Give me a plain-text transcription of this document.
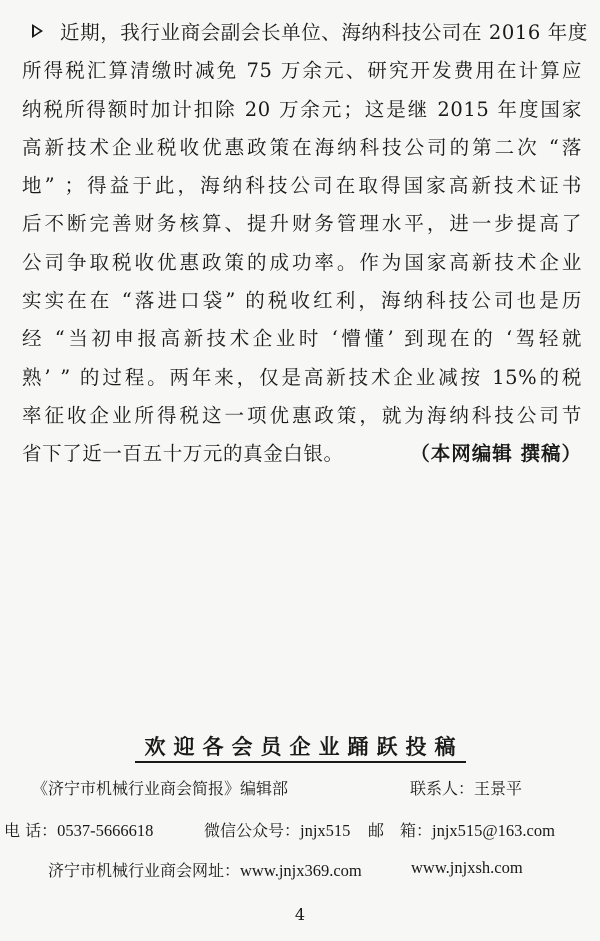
近期，我行业商会副会长单位、海纳科技公司在 2016 年度
所得税汇算清缴时减免 75 万余元、研究开发费用在计算应
纳税所得额时加计扣除 20 万余元；这是继 2015 年度国家
高新技术企业税收优惠政策在海纳科技公司的第二次 “落
地” ；得益于此，海纳科技公司在取得国家高新技术证书
后不断完善财务核算、提升财务管理水平，进一步提高了
公司争取税收优惠政策的成功率。作为国家高新技术企业
实实在在 “落进口袋” 的税收红利，海纳科技公司也是历
经 “当初申报高新技术企业时 ‘懵懂’ 到现在的 ‘驾轻就
熟’ ” 的过程。两年来，仅是高新技术企业减按 15%的税
率征收企业所得税这一项优惠政策，就为海纳科技公司节
省下了近一百五十万元的真金白银。	（本网编辑 撰稿）
欢迎各会员企业踊跃投稿
《济宁市机械行业商会简报》编辑部	联系人：王景平
电 话：0537-5666618	微信公众号：jnjx515 邮　箱：jnjx515@163.com
济宁市机械行业商会网址：www.jnjx369.com	www.jnjxsh.com
4
